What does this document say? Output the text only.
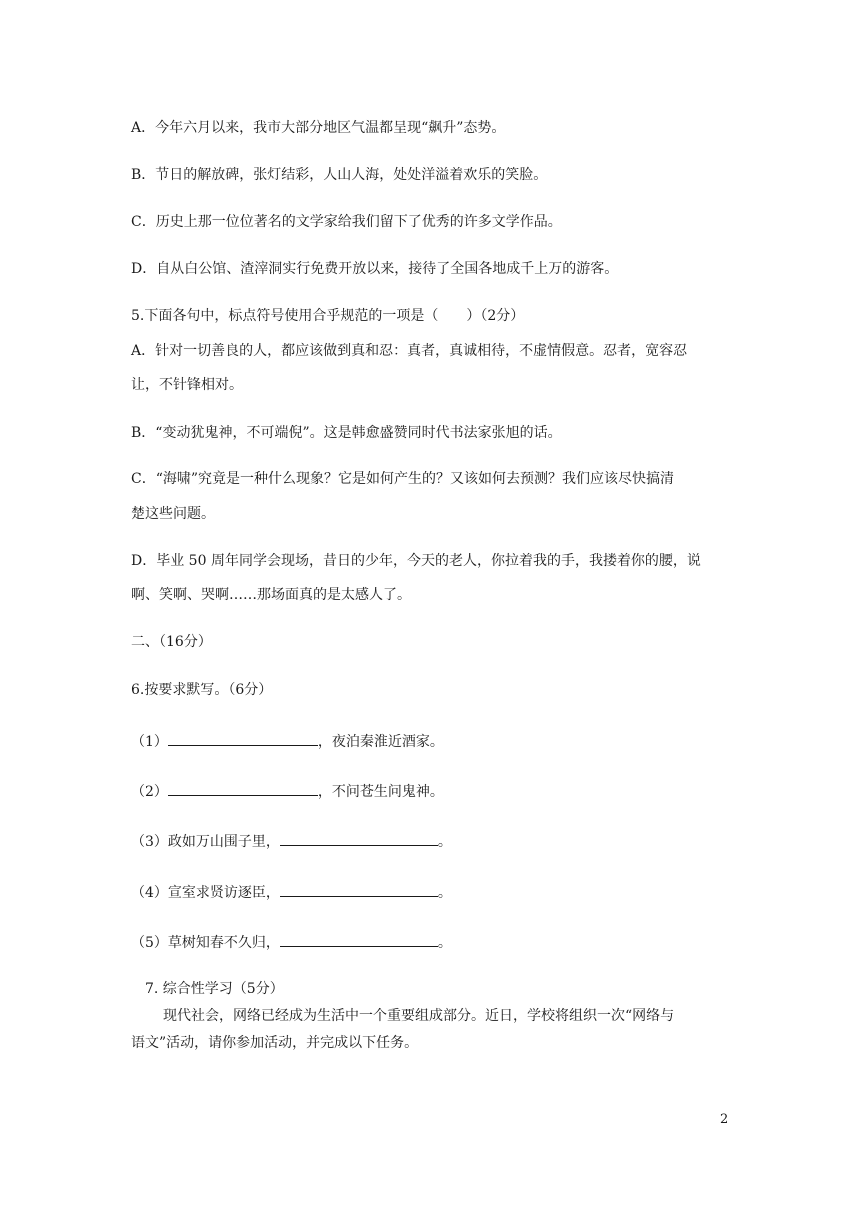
A．今年六月以来，我市大部分地区气温都呈现“飙升”态势。
B．节日的解放碑，张灯结彩，人山人海，处处洋溢着欢乐的笑脸。
C．历史上那一位位著名的文学家给我们留下了优秀的许多文学作品。
D．自从白公馆、渣滓洞实行免费开放以来，接待了全国各地成千上万的游客。
5.下面各句中，标点符号使用合乎规范的一项是（　　）（2分）
A．针对一切善良的人，都应该做到真和忍：真者，真诚相待，不虚情假意。忍者，宽容忍
让，不针锋相对。
B．“变动犹鬼神，不可端倪”。这是韩愈盛赞同时代书法家张旭的话。
C．“海啸”究竟是一种什么现象？它是如何产生的？又该如何去预测？我们应该尽快搞清
楚这些问题。
D．毕业 50 周年同学会现场，昔日的少年，今天的老人，你拉着我的手，我搂着你的腰，说
啊、笑啊、哭啊……那场面真的是太感人了。
二、（16分）
6.按要求默写。（6分）
（1）	，夜泊秦淮近酒家。
（2）	，不问苍生问鬼神。
（3）政如万山围子里，	。
（4）宣室求贤访逐臣，	。
（5）草树知春不久归，	。
7. 综合性学习（5分）
现代社会，网络已经成为生活中一个重要组成部分。近日，学校将组织一次“网络与
语文”活动，请你参加活动，并完成以下任务。
2
